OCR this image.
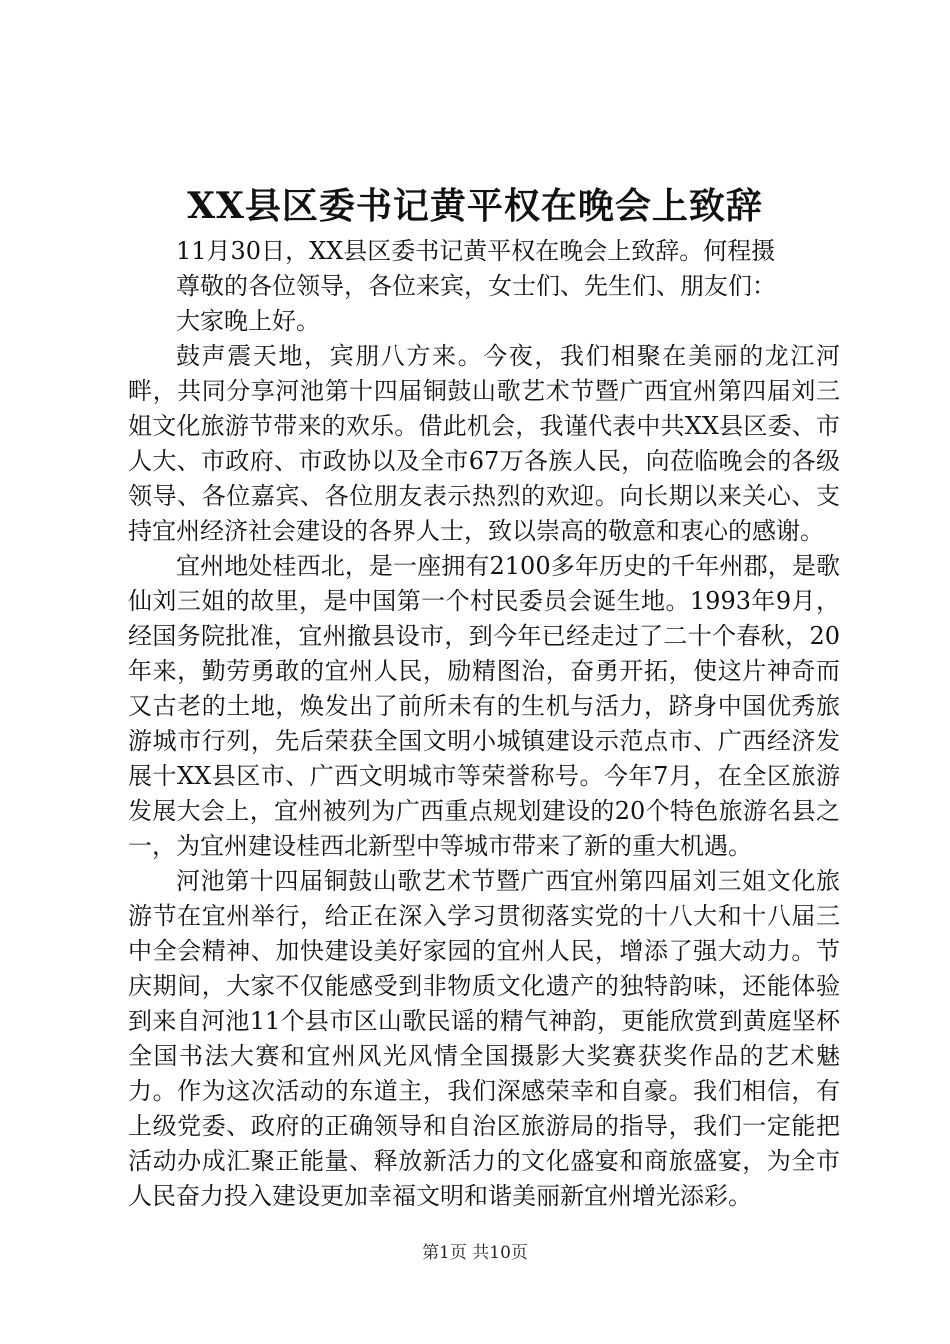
XX县区委书记黄平权在晚会上致辞

11月30日，XX县区委书记黄平权在晚会上致辞。何程摄

尊敬的各位领导，各位来宾，女士们、先生们、朋友们：

大家晚上好。

鼓声震天地，宾朋八方来。今夜，我们相聚在美丽的龙江河畔，共同分享河池第十四届铜鼓山歌艺术节暨广西宜州第四届刘三姐文化旅游节带来的欢乐。借此机会，我谨代表中共XX县区委、市人大、市政府、市政协以及全市67万各族人民，向莅临晚会的各级领导、各位嘉宾、各位朋友表示热烈的欢迎。向长期以来关心、支持宜州经济社会建设的各界人士，致以崇高的敬意和衷心的感谢。

宜州地处桂西北，是一座拥有2100多年历史的千年州郡，是歌仙刘三姐的故里，是中国第一个村民委员会诞生地。1993年9月，经国务院批准，宜州撤县设市，到今年已经走过了二十个春秋，20年来，勤劳勇敢的宜州人民，励精图治，奋勇开拓，使这片神奇而又古老的土地，焕发出了前所未有的生机与活力，跻身中国优秀旅游城市行列，先后荣获全国文明小城镇建设示范点市、广西经济发展十XX县区市、广西文明城市等荣誉称号。今年7月，在全区旅游发展大会上，宜州被列为广西重点规划建设的20个特色旅游名县之一，为宜州建设桂西北新型中等城市带来了新的重大机遇。

河池第十四届铜鼓山歌艺术节暨广西宜州第四届刘三姐文化旅游节在宜州举行，给正在深入学习贯彻落实党的十八大和十八届三中全会精神、加快建设美好家园的宜州人民，增添了强大动力。节庆期间，大家不仅能感受到非物质文化遗产的独特韵味，还能体验到来自河池11个县市区山歌民谣的精气神韵，更能欣赏到黄庭坚杯全国书法大赛和宜州风光风情全国摄影大奖赛获奖作品的艺术魅力。作为这次活动的东道主，我们深感荣幸和自豪。我们相信，有上级党委、政府的正确领导和自治区旅游局的指导，我们一定能把活动办成汇聚正能量、释放新活力的文化盛宴和商旅盛宴，为全市人民奋力投入建设更加幸福文明和谐美丽新宜州增光添彩。

第1页 共10页
